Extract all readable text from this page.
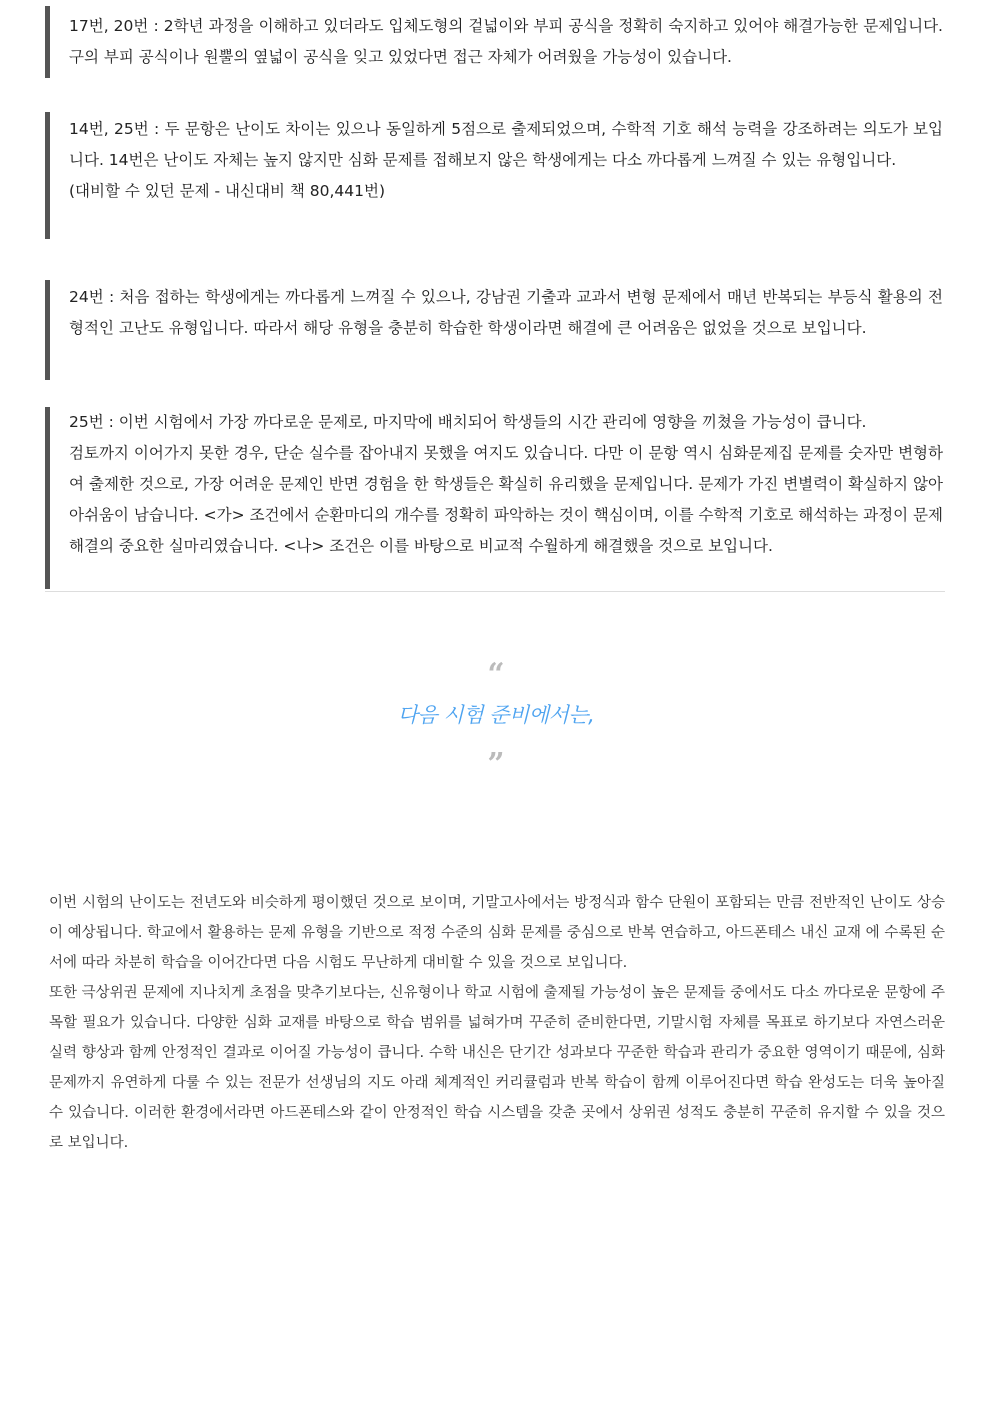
17번, 20번 : 2학년 과정을 이해하고 있더라도 입체도형의 겉넓이와 부피 공식을 정확히 숙지하고 있어야 해결가능한 문제입니다. 구의 부피 공식이나 원뿔의 옆넓이 공식을 잊고 있었다면 접근 자체가 어려웠을 가능성이 있습니다.

14번, 25번 : 두 문항은 난이도 차이는 있으나 동일하게 5점으로 출제되었으며, 수학적 기호 해석 능력을 강조하려는 의도가 보입니다. 14번은 난이도 자체는 높지 않지만 심화 문제를 접해보지 않은 학생에게는 다소 까다롭게 느껴질 수 있는 유형입니다.

(대비할 수 있던 문제 - 내신대비 책 80,441번)

24번 : 처음 접하는 학생에게는 까다롭게 느껴질 수 있으나, 강남권 기출과 교과서 변형 문제에서 매년 반복되는 부등식 활용의 전형적인 고난도 유형입니다. 따라서 해당 유형을 충분히 학습한 학생이라면 해결에 큰 어려움은 없었을 것으로 보입니다.

25번 : 이번 시험에서 가장 까다로운 문제로, 마지막에 배치되어 학생들의 시간 관리에 영향을 끼쳤을 가능성이 큽니다.

검토까지 이어가지 못한 경우, 단순 실수를 잡아내지 못했을 여지도 있습니다. 다만 이 문항 역시 심화문제집 문제를 숫자만 변형하여 출제한 것으로, 가장 어려운 문제인 반면 경험을 한 학생들은 확실히 유리했을 문제입니다. 문제가 가진 변별력이 확실하지 않아 아쉬움이 남습니다. <가> 조건에서 순환마디의 개수를 정확히 파악하는 것이 핵심이며, 이를 수학적 기호로 해석하는 과정이 문제 해결의 중요한 실마리였습니다. <나> 조건은 이를 바탕으로 비교적 수월하게 해결했을 것으로 보입니다.

“
다음 시험 준비에서는,
”

이번 시험의 난이도는 전년도와 비슷하게 평이했던 것으로 보이며, 기말고사에서는 방정식과 함수 단원이 포함되는 만큼 전반적인 난이도 상승이 예상됩니다. 학교에서 활용하는 문제 유형을 기반으로 적정 수준의 심화 문제를 중심으로 반복 연습하고, 아드폰테스 내신 교재 에 수록된 순서에 따라 차분히 학습을 이어간다면 다음 시험도 무난하게 대비할 수 있을 것으로 보입니다.

또한 극상위권 문제에 지나치게 초점을 맞추기보다는, 신유형이나 학교 시험에 출제될 가능성이 높은 문제들 중에서도 다소 까다로운 문항에 주목할 필요가 있습니다. 다양한 심화 교재를 바탕으로 학습 범위를 넓혀가며 꾸준히 준비한다면, 기말시험 자체를 목표로 하기보다 자연스러운 실력 향상과 함께 안정적인 결과로 이어질 가능성이 큽니다. 수학 내신은 단기간 성과보다 꾸준한 학습과 관리가 중요한 영역이기 때문에, 심화 문제까지 유연하게 다룰 수 있는 전문가 선생님의 지도 아래 체계적인 커리큘럼과 반복 학습이 함께 이루어진다면 학습 완성도는 더욱 높아질 수 있습니다. 이러한 환경에서라면 아드폰테스와 같이 안정적인 학습 시스템을 갖춘 곳에서 상위권 성적도 충분히 꾸준히 유지할 수 있을 것으로 보입니다.
